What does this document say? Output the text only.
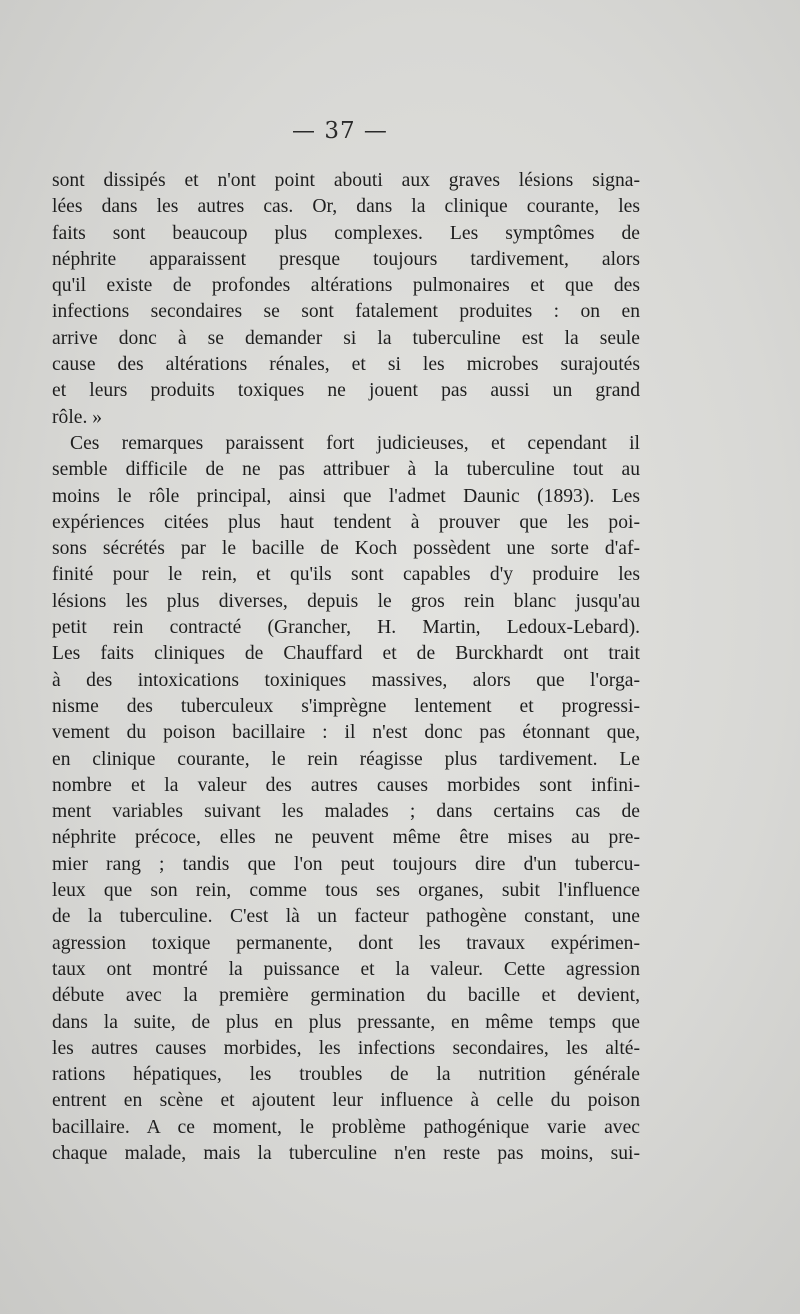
— 37 —
sont dissipés et n'ont point abouti aux graves lésions signa-
lées dans les autres cas. Or, dans la clinique courante, les
faits sont beaucoup plus complexes. Les symptômes de
néphrite apparaissent presque toujours tardivement, alors
qu'il existe de profondes altérations pulmonaires et que des
infections secondaires se sont fatalement produites : on en
arrive donc à se demander si la tuberculine est la seule
cause des altérations rénales, et si les microbes surajoutés
et leurs produits toxiques ne jouent pas aussi un grand
rôle. »
Ces remarques paraissent fort judicieuses, et cependant il
semble difficile de ne pas attribuer à la tuberculine tout au
moins le rôle principal, ainsi que l'admet Daunic (1893). Les
expériences citées plus haut tendent à prouver que les poi-
sons sécrétés par le bacille de Koch possèdent une sorte d'af-
finité pour le rein, et qu'ils sont capables d'y produire les
lésions les plus diverses, depuis le gros rein blanc jusqu'au
petit rein contracté (Grancher, H. Martin, Ledoux-Lebard).
Les faits cliniques de Chauffard et de Burckhardt ont trait
à des intoxications toxiniques massives, alors que l'orga-
nisme des tuberculeux s'imprègne lentement et progressi-
vement du poison bacillaire : il n'est donc pas étonnant que,
en clinique courante, le rein réagisse plus tardivement. Le
nombre et la valeur des autres causes morbides sont infini-
ment variables suivant les malades ; dans certains cas de
néphrite précoce, elles ne peuvent même être mises au pre-
mier rang ; tandis que l'on peut toujours dire d'un tubercu-
leux que son rein, comme tous ses organes, subit l'influence
de la tuberculine. C'est là un facteur pathogène constant, une
agression toxique permanente, dont les travaux expérimen-
taux ont montré la puissance et la valeur. Cette agression
débute avec la première germination du bacille et devient,
dans la suite, de plus en plus pressante, en même temps que
les autres causes morbides, les infections secondaires, les alté-
rations hépatiques, les troubles de la nutrition générale
entrent en scène et ajoutent leur influence à celle du poison
bacillaire. A ce moment, le problème pathogénique varie avec
chaque malade, mais la tuberculine n'en reste pas moins, sui-
